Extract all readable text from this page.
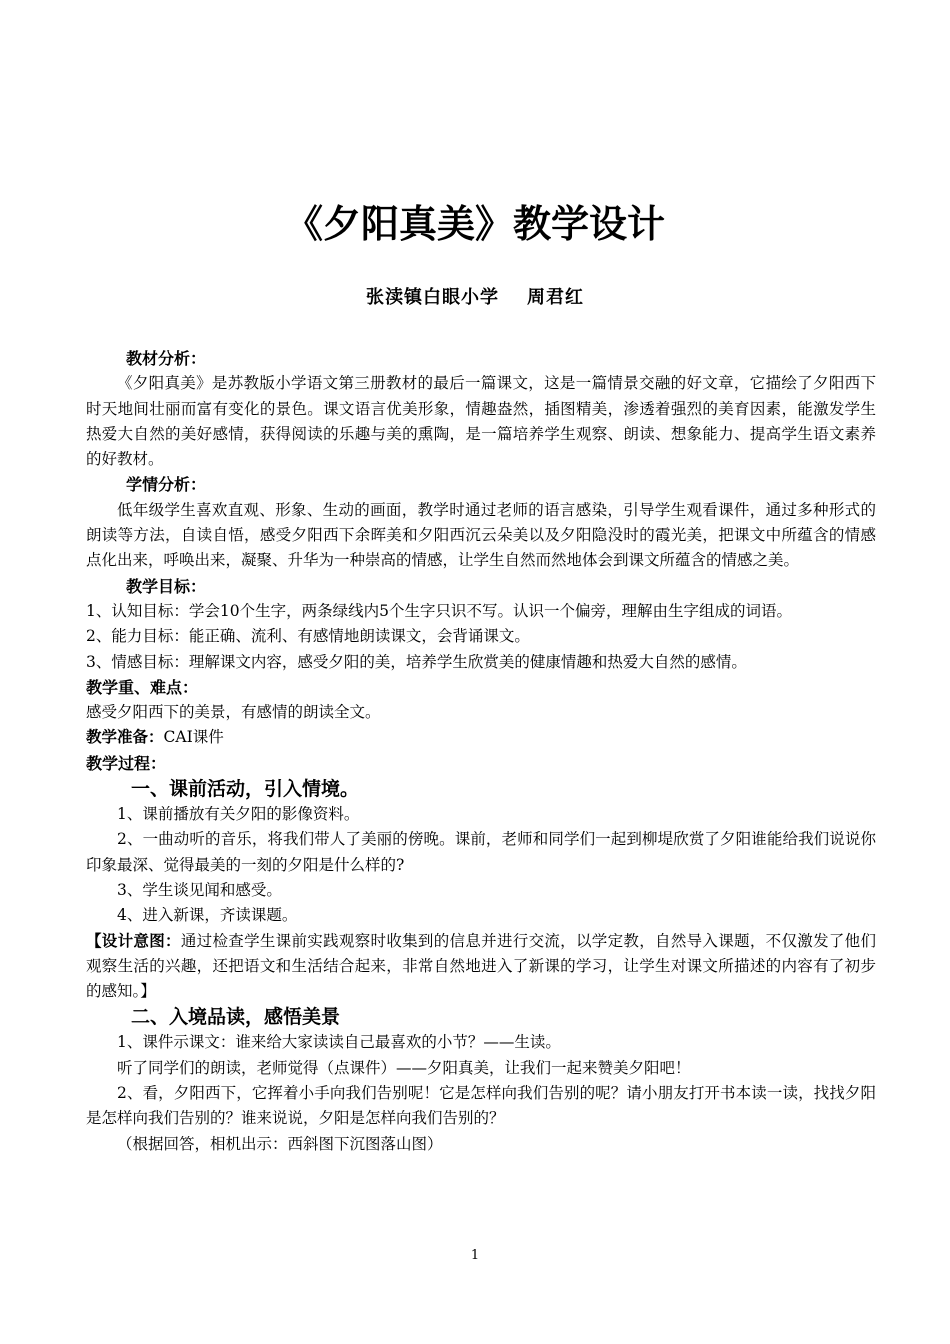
《夕阳真美》教学设计
张渎镇白眼小学 周君红

教材分析：

《夕阳真美》是苏教版小学语文第三册教材的最后一篇课文，这是一篇情景交融的好文章，它描绘了夕阳西下时天地间壮丽而富有变化的景色。课文语言优美形象，情趣盎然，插图精美，渗透着强烈的美育因素，能激发学生热爱大自然的美好感情，获得阅读的乐趣与美的熏陶，是一篇培养学生观察、朗读、想象能力、提高学生语文素养的好教材。

学情分析：

低年级学生喜欢直观、形象、生动的画面，教学时通过老师的语言感染，引导学生观看课件，通过多种形式的朗读等方法，自读自悟，感受夕阳西下余晖美和夕阳西沉云朵美以及夕阳隐没时的霞光美，把课文中所蕴含的情感点化出来，呼唤出来，凝聚、升华为一种崇高的情感，让学生自然而然地体会到课文所蕴含的情感之美。

教学目标：

1、认知目标：学会10个生字，两条绿线内5个生字只识不写。认识一个偏旁，理解由生字组成的词语。

2、能力目标：能正确、流利、有感情地朗读课文，会背诵课文。

3、情感目标：理解课文内容，感受夕阳的美，培养学生欣赏美的健康情趣和热爱大自然的感情。

教学重、难点：

感受夕阳西下的美景，有感情的朗读全文。

教学准备：CAI课件

教学过程：

一、课前活动，引入情境。

1、课前播放有关夕阳的影像资料。

2、一曲动听的音乐，将我们带人了美丽的傍晚。课前，老师和同学们一起到柳堤欣赏了夕阳谁能给我们说说你印象最深、觉得最美的一刻的夕阳是什么样的?

3、学生谈见闻和感受。

4、进入新课，齐读课题。

【设计意图：通过检查学生课前实践观察时收集到的信息并进行交流，以学定教，自然导入课题，不仅激发了他们观察生活的兴趣，还把语文和生活结合起来，非常自然地进入了新课的学习，让学生对课文所描述的内容有了初步的感知。】

二、入境品读，感悟美景

1、课件示课文：谁来给大家读读自己最喜欢的小节？——生读。

听了同学们的朗读，老师觉得（点课件）——夕阳真美，让我们一起来赞美夕阳吧！

2、看，夕阳西下，它挥着小手向我们告别呢！它是怎样向我们告别的呢？请小朋友打开书本读一读，找找夕阳是怎样向我们告别的？谁来说说，夕阳是怎样向我们告别的？

（根据回答，相机出示：西斜图下沉图落山图）

1
